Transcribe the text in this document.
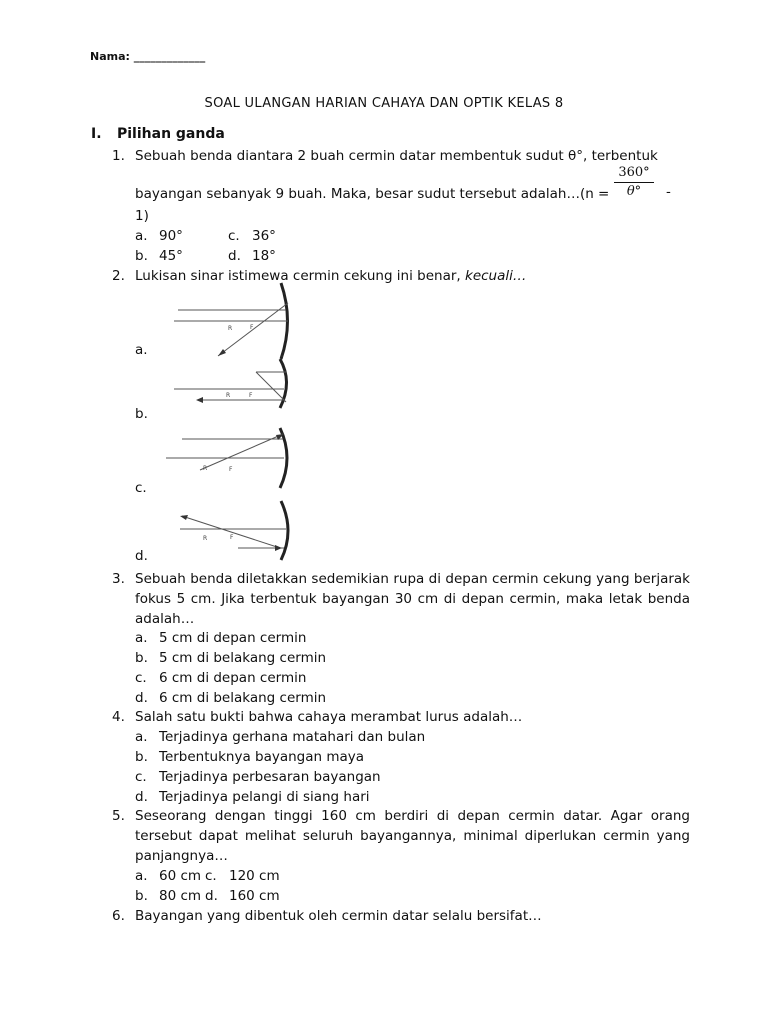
Nama: _____________
SOAL ULANGAN HARIAN CAHAYA DAN OPTIK KELAS 8
I. Pilihan ganda
1. Sebuah benda diantara 2 buah cermin datar membentuk sudut θ°, terbentuk
bayangan sebanyak 9 buah. Maka, besar sudut tersebut adalah…(n =
1)
360°
θ°	-
a. 90°	c. 36°
b. 45°	d. 18°
2. Lukisan sinar istimewa cermin cekung ini benar, kecuali…
a.
R	F
b.
R	F
c.
R	F
d.
R	F
3. Sebuah benda diletakkan sedemikian rupa di depan cermin cekung yang berjarak fokus 5 cm. Jika terbentuk bayangan 30 cm di depan cermin, maka letak benda adalah…
a. 5 cm di depan cermin
b. 5 cm di belakang cermin
c. 6 cm di depan cermin
d. 6 cm di belakang cermin
4. Salah satu bukti bahwa cahaya merambat lurus adalah…
a. Terjadinya gerhana matahari dan bulan
b. Terbentuknya bayangan maya
c. Terjadinya perbesaran bayangan
d. Terjadinya pelangi di siang hari
5. Seseorang dengan tinggi 160 cm berdiri di depan cermin datar. Agar orang tersebut dapat melihat seluruh bayangannya, minimal diperlukan cermin yang panjangnya…
a. 60 cm c. 120 cm
b. 80 cm d. 160 cm
6. Bayangan yang dibentuk oleh cermin datar selalu bersifat…
